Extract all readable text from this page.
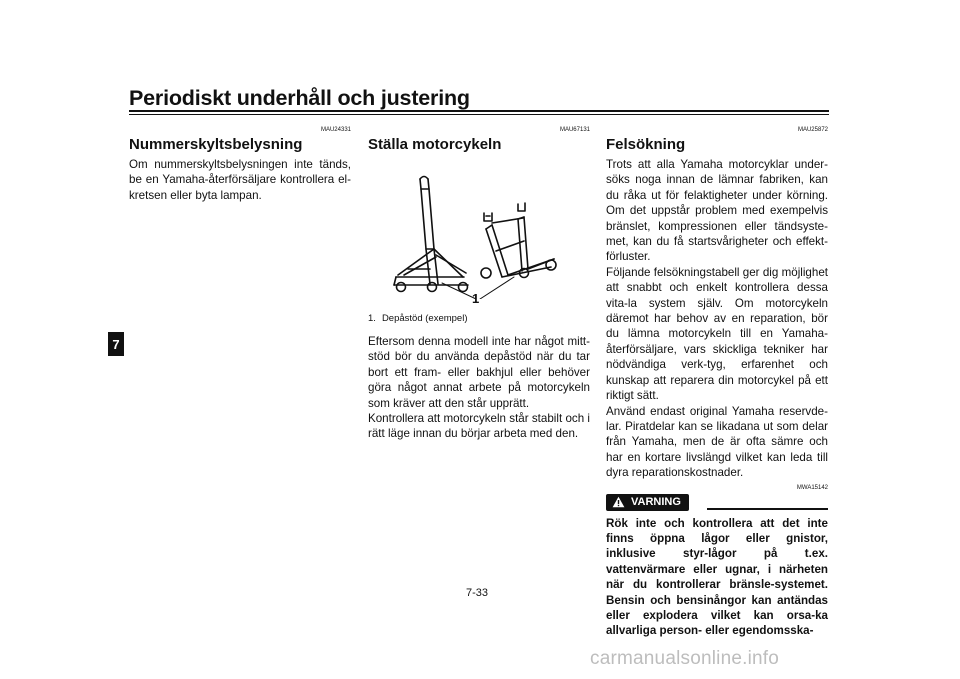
Periodiskt underhåll och justering
7
MAU24331
Nummerskyltsbelysning

Om nummerskyltsbelysningen inte tänds, be en Yamaha-återförsäljare kontrollera el-kretsen eller byta lampan.

MAU67131
Ställa motorcykeln
1
1. Depåstöd (exempel)

Eftersom denna modell inte har något mitt-stöd bör du använda depåstöd när du tar bort ett fram- eller bakhjul eller behöver göra något annat arbete på motorcykeln som kräver att den står upprätt.

Kontrollera att motorcykeln står stabilt och i rätt läge innan du börjar arbeta med den.

MAU25872
Felsökning

Trots att alla Yamaha motorcyklar under-söks noga innan de lämnar fabriken, kan du råka ut för felaktigheter under körning. Om det uppstår problem med exempelvis bränslet, kompressionen eller tändsyste-met, kan du få startsvårigheter och effekt-förluster.

Följande felsökningstabell ger dig möjlighet att snabbt och enkelt kontrollera dessa vita-la system själv. Om motorcykeln däremot har behov av en reparation, bör du lämna motorcykeln till en Yamaha-återförsäljare, vars skickliga tekniker har nödvändiga verk-tyg, erfarenhet och kunskap att reparera din motorcykel på ett riktigt sätt.

Använd endast original Yamaha reservde-lar. Piratdelar kan se likadana ut som delar från Yamaha, men de är ofta sämre och har en kortare livslängd vilket kan leda till dyra reparationskostnader.

MWA15142
VARNING

Rök inte och kontrollera att det inte finns öppna lågor eller gnistor, inklusive styr-lågor på t.ex. vattenvärmare eller ugnar, i närheten när du kontrollerar bränsle-systemet. Bensin och bensinångor kan antändas eller explodera vilket kan orsa-ka allvarliga person- eller egendomsska-

7-33
carmanualsonline.info
